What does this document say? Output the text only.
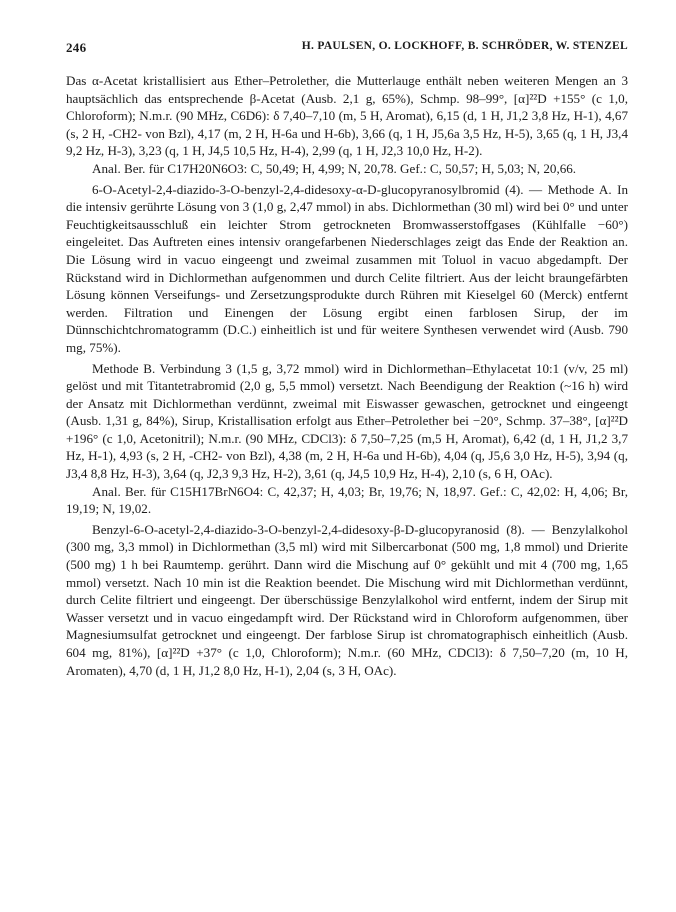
246	H. PAULSEN, O. LOCKHOFF, B. SCHRÖDER, W. STENZEL

Das α-Acetat kristallisiert aus Ether–Petrolether, die Mutterlauge enthält neben weiteren Mengen an 3 hauptsächlich das entsprechende β-Acetat (Ausb. 2,1 g, 65%), Schmp. 98–99°, [α]²²D +155° (c 1,0, Chloroform); N.m.r. (90 MHz, C6D6): δ 7,40–7,10 (m, 5 H, Aromat), 6,15 (d, 1 H, J1,2 3,8 Hz, H-1), 4,67 (s, 2 H, -CH2- von Bzl), 4,17 (m, 2 H, H-6a und H-6b), 3,66 (q, 1 H, J5,6a 3,5 Hz, H-5), 3,65 (q, 1 H, J3,4 9,2 Hz, H-3), 3,23 (q, 1 H, J4,5 10,5 Hz, H-4), 2,99 (q, 1 H, J2,3 10,0 Hz, H-2).

Anal. Ber. für C17H20N6O3: C, 50,49; H, 4,99; N, 20,78. Gef.: C, 50,57; H, 5,03; N, 20,66.

6-O-Acetyl-2,4-diazido-3-O-benzyl-2,4-didesoxy-α-D-glucopyranosylbromid (4). — Methode A. In die intensiv gerührte Lösung von 3 (1,0 g, 2,47 mmol) in abs. Dichlormethan (30 ml) wird bei 0° und unter Feuchtigkeitsausschluß ein leichter Strom getrockneten Bromwasserstoffgases (Kühlfalle −60°) eingeleitet. Das Auftreten eines intensiv orangefarbenen Niederschlages zeigt das Ende der Reaktion an. Die Lösung wird in vacuo eingeengt und zweimal zusammen mit Toluol in vacuo abgedampft. Der Rückstand wird in Dichlormethan aufgenommen und durch Celite filtriert. Aus der leicht braungefärbten Lösung können Verseifungs- und Zersetzungsprodukte durch Rühren mit Kieselgel 60 (Merck) entfernt werden. Filtration und Einengen der Lösung ergibt einen farblosen Sirup, der im Dünnschichtchromatogramm (D.C.) einheitlich ist und für weitere Synthesen verwendet wird (Ausb. 790 mg, 75%).

Methode B. Verbindung 3 (1,5 g, 3,72 mmol) wird in Dichlormethan–Ethylacetat 10:1 (v/v, 25 ml) gelöst und mit Titantetrabromid (2,0 g, 5,5 mmol) versetzt. Nach Beendigung der Reaktion (~16 h) wird der Ansatz mit Dichlormethan verdünnt, zweimal mit Eiswasser gewaschen, getrocknet und eingeengt (Ausb. 1,31 g, 84%), Sirup, Kristallisation erfolgt aus Ether–Petrolether bei −20°, Schmp. 37–38°, [α]²²D +196° (c 1,0, Acetonitril); N.m.r. (90 MHz, CDCl3): δ 7,50–7,25 (m,5 H, Aromat), 6,42 (d, 1 H, J1,2 3,7 Hz, H-1), 4,93 (s, 2 H, -CH2- von Bzl), 4,38 (m, 2 H, H-6a und H-6b), 4,04 (q, J5,6 3,0 Hz, H-5), 3,94 (q, J3,4 8,8 Hz, H-3), 3,64 (q, J2,3 9,3 Hz, H-2), 3,61 (q, J4,5 10,9 Hz, H-4), 2,10 (s, 6 H, OAc).

Anal. Ber. für C15H17BrN6O4: C, 42,37; H, 4,03; Br, 19,76; N, 18,97. Gef.: C, 42,02: H, 4,06; Br, 19,19; N, 19,02.

Benzyl-6-O-acetyl-2,4-diazido-3-O-benzyl-2,4-didesoxy-β-D-glucopyranosid (8). — Benzylalkohol (300 mg, 3,3 mmol) in Dichlormethan (3,5 ml) wird mit Silbercarbonat (500 mg, 1,8 mmol) und Drierite (500 mg) 1 h bei Raumtemp. gerührt. Dann wird die Mischung auf 0° gekühlt und mit 4 (700 mg, 1,65 mmol) versetzt. Nach 10 min ist die Reaktion beendet. Die Mischung wird mit Dichlormethan verdünnt, durch Celite filtriert und eingeengt. Der überschüssige Benzylalkohol wird entfernt, indem der Sirup mit Wasser versetzt und in vacuo eingedampft wird. Der Rückstand wird in Chloroform aufgenommen, über Magnesiumsulfat getrocknet und eingeengt. Der farblose Sirup ist chromatographisch einheitlich (Ausb. 604 mg, 81%), [α]²²D +37° (c 1,0, Chloroform); N.m.r. (60 MHz, CDCl3): δ 7,50–7,20 (m, 10 H, Aromaten), 4,70 (d, 1 H, J1,2 8,0 Hz, H-1), 2,04 (s, 3 H, OAc).
